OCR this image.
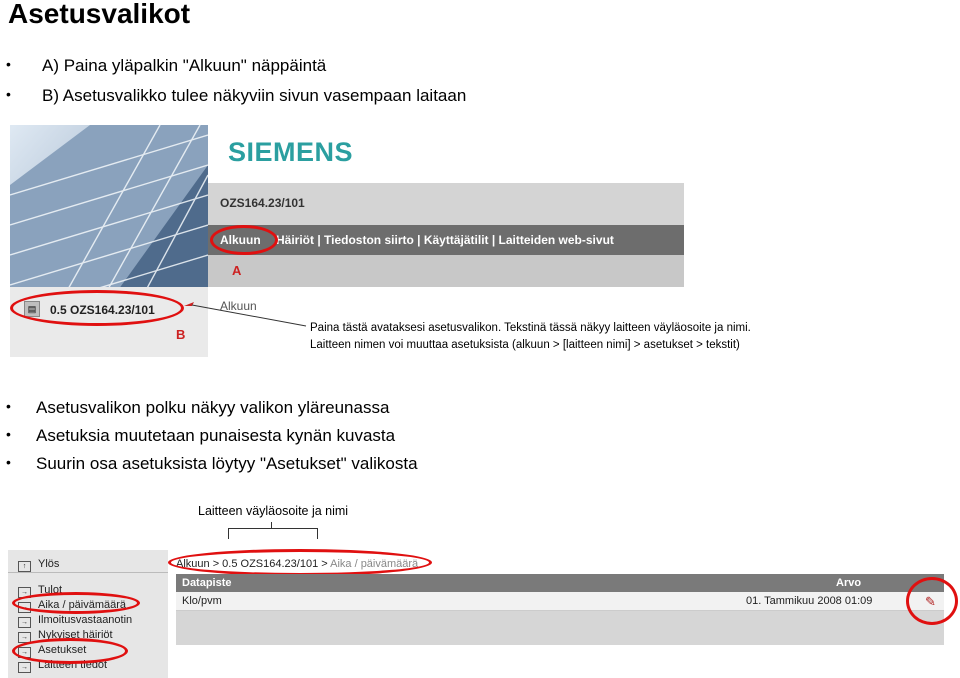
Asetusvalikot
• A) Paina yläpalkin "Alkuun" näppäintä
• B) Asetusvalikko tulee näkyviin sivun vasempaan laitaan
SIEMENS
OZS164.23/101
Alkuun Häiriöt | Tiedoston siirto | Käyttäjätilit | Laitteiden web-sivut
A
▤	0.5 OZS164.23/101
B
Alkuun
Paina tästä avataksesi asetusvalikon. Tekstinä tässä näkyy laitteen väyläosoite ja nimi.
Laitteen nimen voi muuttaa asetuksista (alkuun > [laitteen nimi] > asetukset > tekstit)
• Asetusvalikon polku näkyy valikon yläreunassa
• Asetuksia muutetaan punaisesta kynän kuvasta
• Suurin osa asetuksista löytyy "Asetukset" valikosta
Laitteen väyläosoite ja nimi
↑ Ylös
→ Tulot
→ Aika / päivämäärä
→ Ilmoitusvastaanotin
→ Nykyiset häiriöt
→ Asetukset
→ Laitteen tiedot
Alkuun > 0.5 OZS164.23/101 > Aika / päivämäärä
Datapiste	Arvo
Klo/pvm	01. Tammikuu 2008 01:09	✎
